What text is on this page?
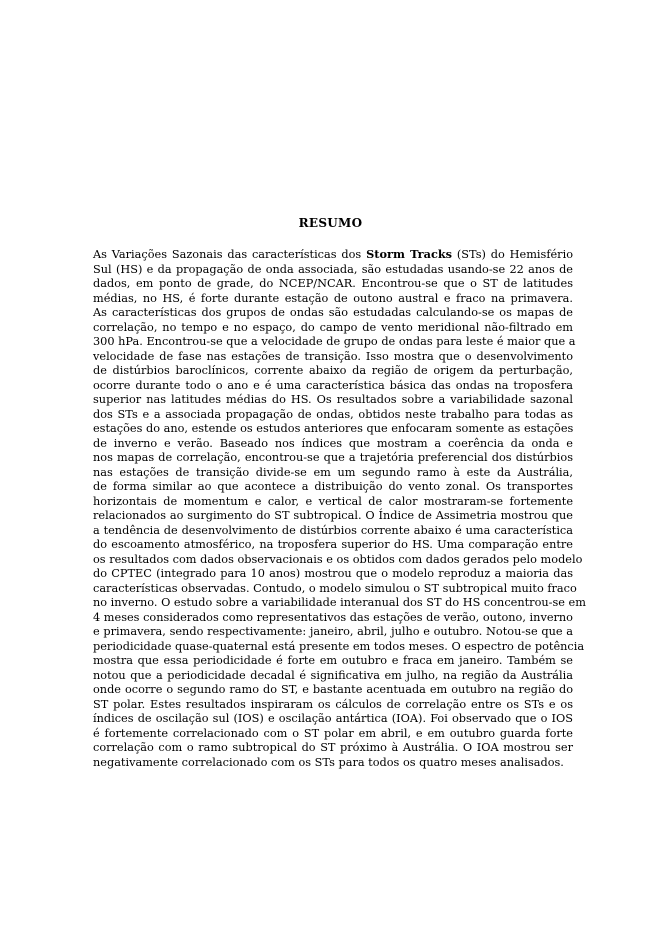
RESUMO
As Variações Sazonais das características dos Storm Tracks (STs) do Hemisfério
Sul (HS) e da propagação de onda associada, são estudadas usando-se 22 anos de
dados, em ponto de grade, do NCEP/NCAR. Encontrou-se que o ST de latitudes
médias, no HS, é forte durante estação de outono austral e fraco na primavera.
As características dos grupos de ondas são estudadas calculando-se os mapas de
correlação, no tempo e no espaço, do campo de vento meridional não-filtrado em
300 hPa. Encontrou-se que a velocidade de grupo de ondas para leste é maior que a
velocidade de fase nas estações de transição. Isso mostra que o desenvolvimento
de distúrbios baroclínicos, corrente abaixo da região de origem da perturbação,
ocorre durante todo o ano e é uma característica básica das ondas na troposfera
superior nas latitudes médias do HS. Os resultados sobre a variabilidade sazonal
dos STs e a associada propagação de ondas, obtidos neste trabalho para todas as
estações do ano, estende os estudos anteriores que enfocaram somente as estações
de inverno e verão. Baseado nos índices que mostram a coerência da onda e
nos mapas de correlação, encontrou-se que a trajetória preferencial dos distúrbios
nas estações de transição divide-se em um segundo ramo à este da Austrália,
de forma similar ao que acontece a distribuição do vento zonal. Os transportes
horizontais de momentum e calor, e vertical de calor mostraram-se fortemente
relacionados ao surgimento do ST subtropical. O Índice de Assimetria mostrou que
a tendência de desenvolvimento de distúrbios corrente abaixo é uma característica
do escoamento atmosférico, na troposfera superior do HS. Uma comparação entre
os resultados com dados observacionais e os obtidos com dados gerados pelo modelo
do CPTEC (integrado para 10 anos) mostrou que o modelo reproduz a maioria das
características observadas. Contudo, o modelo simulou o ST subtropical muito fraco
no inverno. O estudo sobre a variabilidade interanual dos ST do HS concentrou-se em
4 meses considerados como representativos das estações de verão, outono, inverno
e primavera, sendo respectivamente: janeiro, abril, julho e outubro. Notou-se que a
periodicidade quase-quaternal está presente em todos meses. O espectro de potência
mostra que essa periodicidade é forte em outubro e fraca em janeiro. Também se
notou que a periodicidade decadal é significativa em julho, na região da Austrália
onde ocorre o segundo ramo do ST, e bastante acentuada em outubro na região do
ST polar. Estes resultados inspiraram os cálculos de correlação entre os STs e os
índices de oscilação sul (IOS) e oscilação antártica (IOA). Foi observado que o IOS
é fortemente correlacionado com o ST polar em abril, e em outubro guarda forte
correlação com o ramo subtropical do ST próximo à Austrália. O IOA mostrou ser
negativamente correlacionado com os STs para todos os quatro meses analisados.
